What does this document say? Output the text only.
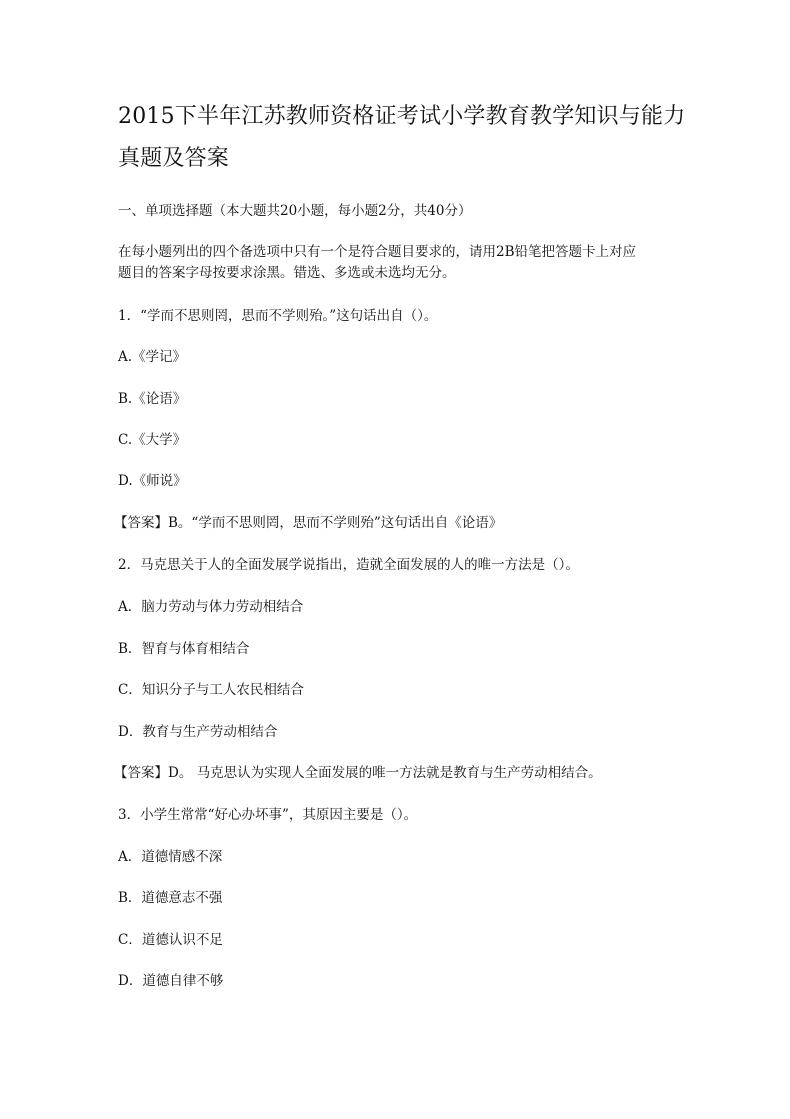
2015下半年江苏教师资格证考试小学教育教学知识与能力
真题及答案
一、单项选择题（本大题共20小题，每小题2分，共40分）
在每小题列出的四个备选项中只有一个是符合题目要求的，请用2B铅笔把答题卡上对应
题目的答案字母按要求涂黑。错选、多选或未选均无分。
1．“学而不思则罔，思而不学则殆。”这句话出自（）。
A.《学记》
B.《论语》
C.《大学》
D.《师说》
【答案】B。“学而不思则罔，思而不学则殆”这句话出自《论语》
2．马克思关于人的全面发展学说指出，造就全面发展的人的唯一方法是（）。
A．脑力劳动与体力劳动相结合
B．智育与体育相结合
C．知识分子与工人农民相结合
D．教育与生产劳动相结合
【答案】D。 马克思认为实现人全面发展的唯一方法就是教育与生产劳动相结合。
3．小学生常常“好心办坏事”，其原因主要是（）。
A．道德情感不深
B．道德意志不强
C．道德认识不足
D．道德自律不够
